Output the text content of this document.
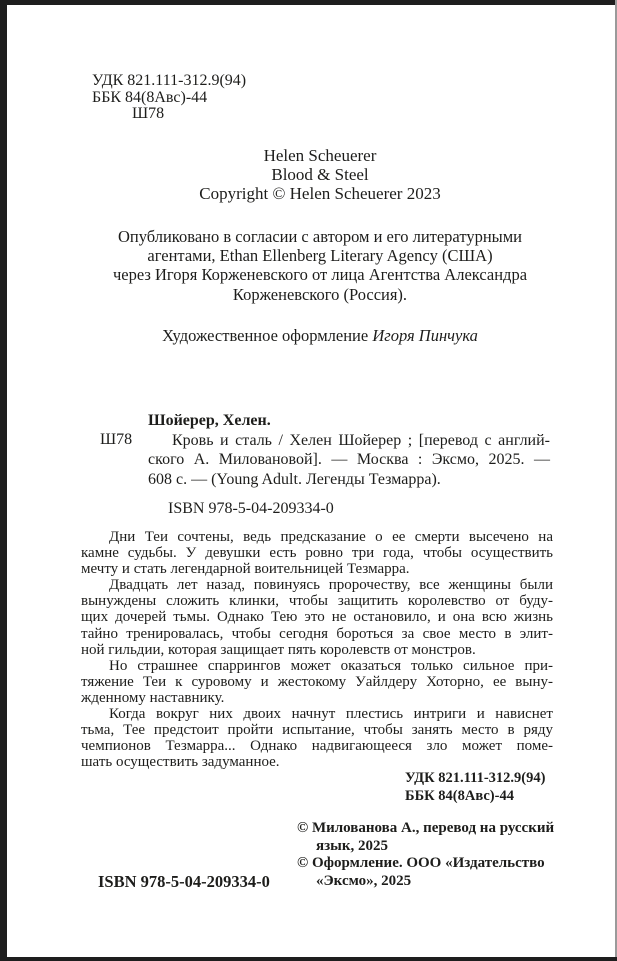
УДК 821.111-312.9(94)
ББК 84(8Авс)-44
Ш78
Helen Scheuerer
Blood & Steel
Copyright © Helen Scheuerer 2023
Опубликовано в согласии с автором и его литературными
агентами, Ethan Ellenberg Literary Agency (США)
через Игоря Корженевского от лица Агентства Александра
Корженевского (Россия).
Художественное оформление Игоря Пинчука
Шойерер, Хелен.
Ш78	Кровь и сталь / Хелен Шойерер ; [перевод с англий-
ского А. Миловановой]. — Москва : Эксмо, 2025. —
608 с. — (Young Adult. Легенды Тезмарра).
ISBN 978-5-04-209334-0
Дни Теи сочтены, ведь предсказание о ее смерти высечено на
камне судьбы. У девушки есть ровно три года, чтобы осуществить
мечту и стать легендарной воительницей Тезмарра.
Двадцать лет назад, повинуясь пророчеству, все женщины были
вынуждены сложить клинки, чтобы защитить королевство от буду-
щих дочерей тьмы. Однако Тею это не остановило, и она всю жизнь
тайно тренировалась, чтобы сегодня бороться за свое место в элит-
ной гильдии, которая защищает пять королевств от монстров.
Но страшнее спаррингов может оказаться только сильное при-
тяжение Теи к суровому и жестокому Уайлдеру Хоторно, ее выну-
жденному наставнику.
Когда вокруг них двоих начнут плестись интриги и нависнет
тьма, Тее предстоит пройти испытание, чтобы занять место в ряду
чемпионов Тезмарра... Однако надвигающееся зло может поме-
шать осуществить задуманное.
УДК 821.111-312.9(94)
ББК 84(8Авс)-44
© Милованова А., перевод на русский
язык, 2025
© Оформление. ООО «Издательство
«Эксмо», 2025
ISBN 978-5-04-209334-0
